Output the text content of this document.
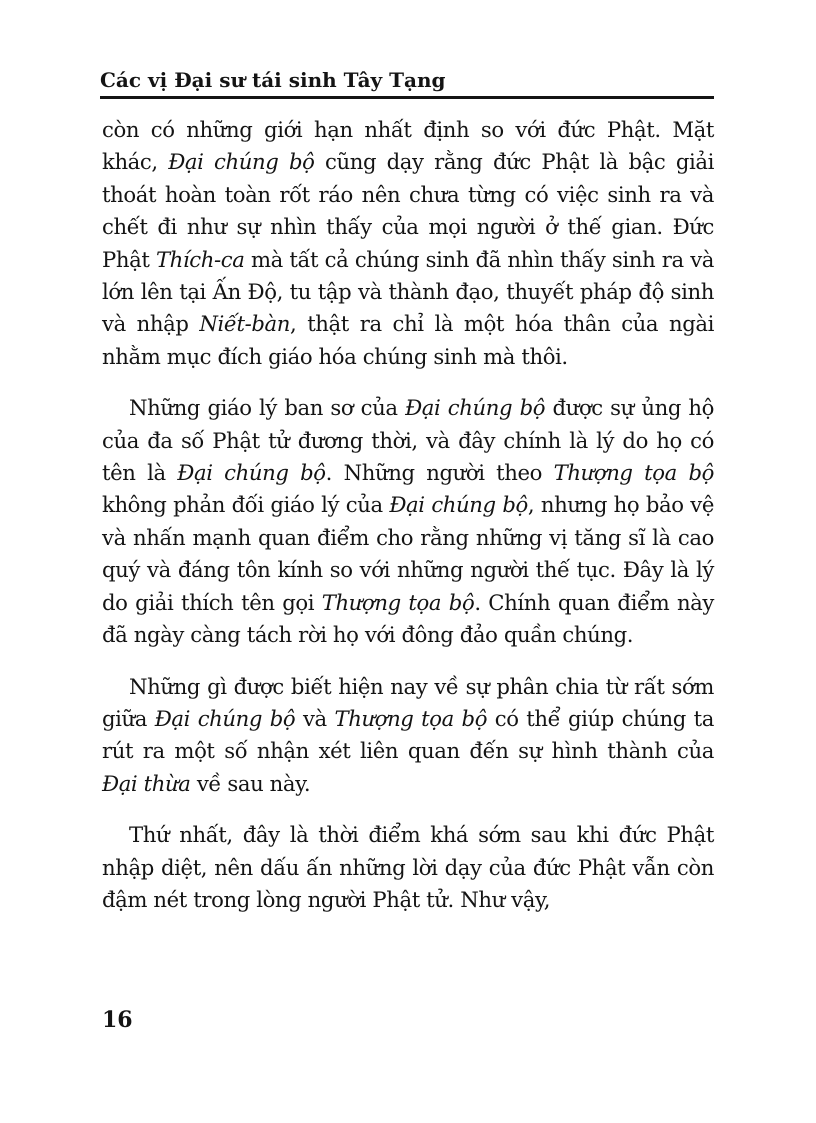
Các vị Đại sư tái sinh Tây Tạng

còn có những giới hạn nhất định so với đức Phật. Mặt khác, Đại chúng bộ cũng dạy rằng đức Phật là bậc giải thoát hoàn toàn rốt ráo nên chưa từng có việc sinh ra và chết đi như sự nhìn thấy của mọi người ở thế gian. Đức Phật Thích-ca mà tất cả chúng sinh đã nhìn thấy sinh ra và lớn lên tại Ấn Độ, tu tập và thành đạo, thuyết pháp độ sinh và nhập Niết-bàn, thật ra chỉ là một hóa thân của ngài nhằm mục đích giáo hóa chúng sinh mà thôi.

Những giáo lý ban sơ của Đại chúng bộ được sự ủng hộ của đa số Phật tử đương thời, và đây chính là lý do họ có tên là Đại chúng bộ. Những người theo Thượng tọa bộ không phản đối giáo lý của Đại chúng bộ, nhưng họ bảo vệ và nhấn mạnh quan điểm cho rằng những vị tăng sĩ là cao quý và đáng tôn kính so với những người thế tục. Đây là lý do giải thích tên gọi Thượng tọa bộ. Chính quan điểm này đã ngày càng tách rời họ với đông đảo quần chúng.

Những gì được biết hiện nay về sự phân chia từ rất sớm giữa Đại chúng bộ và Thượng tọa bộ có thể giúp chúng ta rút ra một số nhận xét liên quan đến sự hình thành của Đại thừa về sau này.

Thứ nhất, đây là thời điểm khá sớm sau khi đức Phật nhập diệt, nên dấu ấn những lời dạy của đức Phật vẫn còn đậm nét trong lòng người Phật tử. Như vậy,

16
